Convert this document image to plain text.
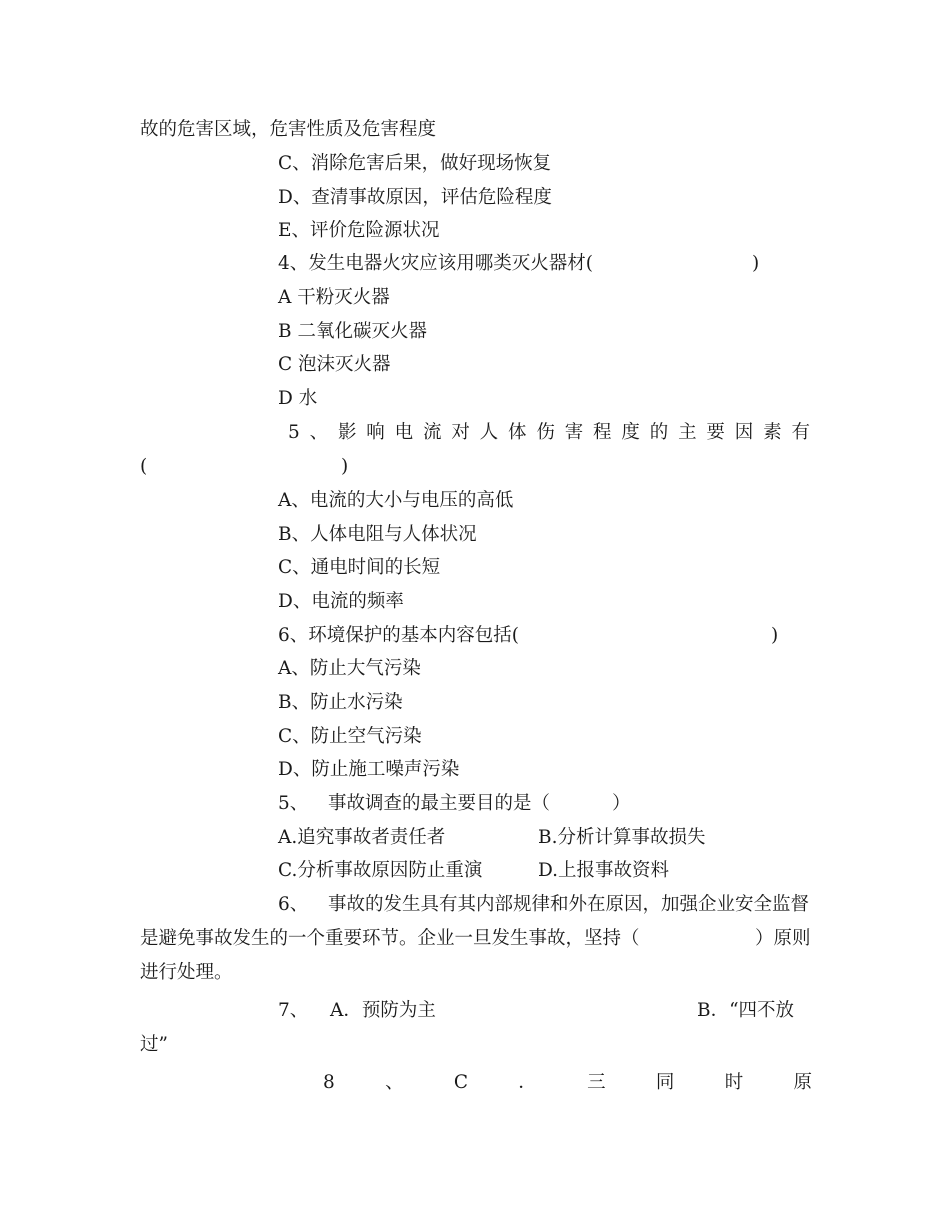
故的危害区域，危害性质及危害程度
C、消除危害后果，做好现场恢复
D、查清事故原因，评估危险程度
E、评价危险源状况
4、发生电器火灾应该用哪类灭火器材(	)
A 干粉灭火器
B 二氧化碳灭火器
C 泡沫灭火器
D 水
5 、 影 响 电 流 对 人 体 伤 害 程 度 的 主 要 因 素 有
(	)
A、电流的大小与电压的高低
B、人体电阻与人体状况
C、通电时间的长短
D、电流的频率
6、环境保护的基本内容包括(	)
A、防止大气污染
B、防止水污染
C、防止空气污染
D、防止施工噪声污染
5、 事故调查的最主要目的是（	）
A.追究事故者责任者	B.分析计算事故损失
C.分析事故原因防止重演	D.上报事故资料
6、 事故的发生具有其内部规律和外在原因，加强企业安全监督
是避免事故发生的一个重要环节。企业一旦发生事故，坚持（	）原则
进行处理。
7、 A．预防为主	B．“四不放
过”
8	、	C	．	三	同	时	原
